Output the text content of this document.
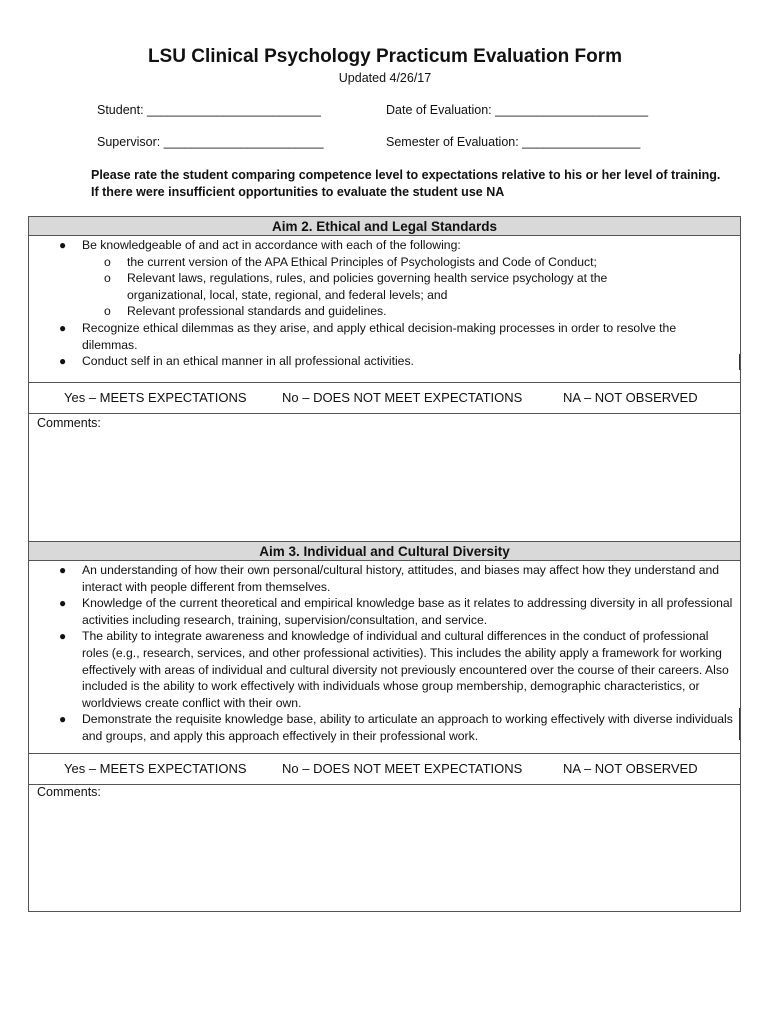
LSU Clinical Psychology Practicum Evaluation Form
Updated 4/26/17
Student: _________________________	Date of Evaluation: ______________________
Supervisor: _______________________	Semester of Evaluation: _________________
Please rate the student comparing competence level to expectations relative to his or her level of training. If there were insufficient opportunities to evaluate the student use NA
Aim 2. Ethical and Legal Standards
● Be knowledgeable of and act in accordance with each of the following:
o the current version of the APA Ethical Principles of Psychologists and Code of Conduct;
o Relevant laws, regulations, rules, and policies governing health service psychology at the organizational, local, state, regional, and federal levels; and
o Relevant professional standards and guidelines.
● Recognize ethical dilemmas as they arise, and apply ethical decision-making processes in order to resolve the dilemmas.
● Conduct self in an ethical manner in all professional activities.
Yes – MEETS EXPECTATIONS	No – DOES NOT MEET EXPECTATIONS	NA – NOT OBSERVED
Comments:
Aim 3. Individual and Cultural Diversity
● An understanding of how their own personal/cultural history, attitudes, and biases may affect how they understand and interact with people different from themselves.
● Knowledge of the current theoretical and empirical knowledge base as it relates to addressing diversity in all professional activities including research, training, supervision/consultation, and service.
● The ability to integrate awareness and knowledge of individual and cultural differences in the conduct of professional roles (e.g., research, services, and other professional activities). This includes the ability apply a framework for working effectively with areas of individual and cultural diversity not previously encountered over the course of their careers. Also included is the ability to work effectively with individuals whose group membership, demographic characteristics, or worldviews create conflict with their own.
● Demonstrate the requisite knowledge base, ability to articulate an approach to working effectively with diverse individuals and groups, and apply this approach effectively in their professional work.
Yes – MEETS EXPECTATIONS	No – DOES NOT MEET EXPECTATIONS	NA – NOT OBSERVED
Comments:
